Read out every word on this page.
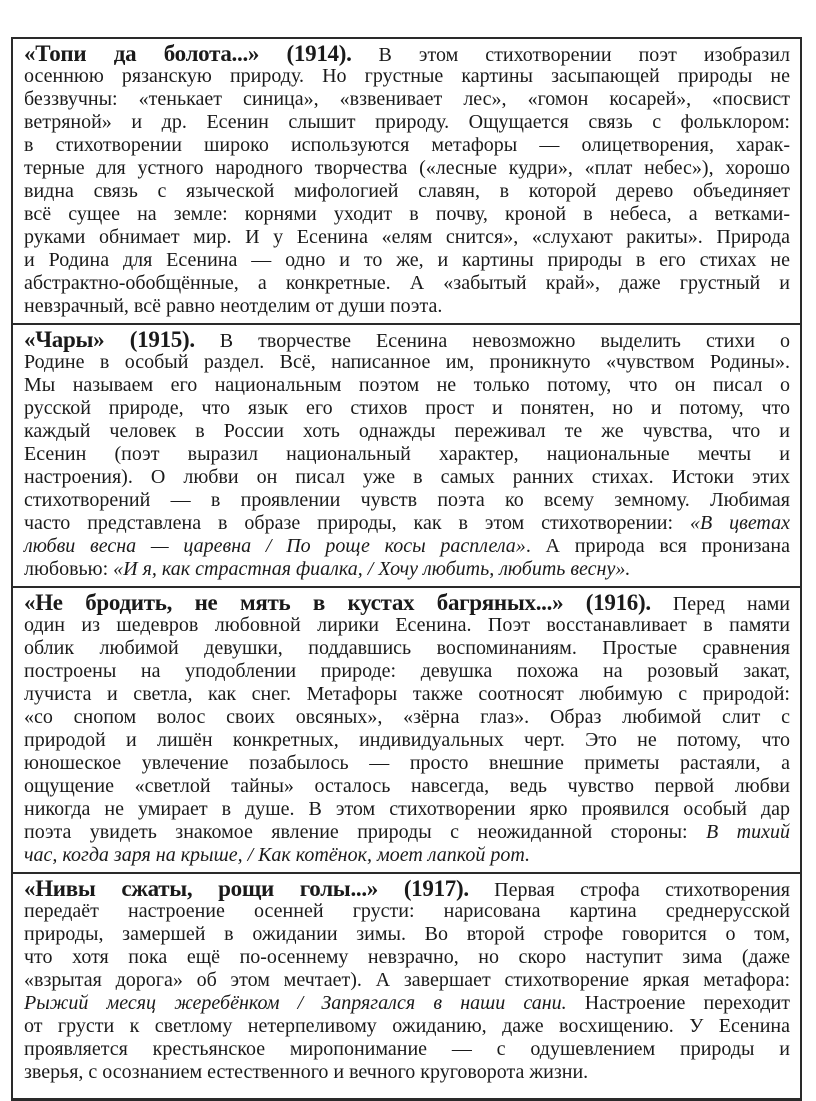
«Топи да болота...» (1914). В этом стихотворении поэт изобразил
осеннюю рязанскую природу. Но грустные картины засыпающей природы не
беззвучны: «тенькает синица», «взвенивает лес», «гомон косарей», «посвист
ветряной» и др. Есенин слышит природу. Ощущается связь с фольклором:
в стихотворении широко используются метафоры — олицетворения, харак-
терные для устного народного творчества («лесные кудри», «плат небес»), хорошо
видна связь с языческой мифологией славян, в которой дерево объединяет
всё сущее на земле: корнями уходит в почву, кроной в небеса, а ветками-
руками обнимает мир. И у Есенина «елям снится», «слухают ракиты». Природа
и Родина для Есенина — одно и то же, и картины природы в его стихах не
абстрактно-обобщённые, а конкретные. А «забытый край», даже грустный и
невзрачный, всё равно неотделим от души поэта.
«Чары» (1915). В творчестве Есенина невозможно выделить стихи о
Родине в особый раздел. Всё, написанное им, проникнуто «чувством Родины».
Мы называем его национальным поэтом не только потому, что он писал о
русской природе, что язык его стихов прост и понятен, но и потому, что
каждый человек в России хоть однажды переживал те же чувства, что и
Есенин (поэт выразил национальный характер, национальные мечты и
настроения). О любви он писал уже в самых ранних стихах. Истоки этих
стихотворений — в проявлении чувств поэта ко всему земному. Любимая
часто представлена в образе природы, как в этом стихотворении: «В цветах
любви весна — царевна / По роще косы расплела». А природа вся пронизана
любовью: «И я, как страстная фиалка, / Хочу любить, любить весну».
«Не бродить, не мять в кустах багряных...» (1916). Перед нами
один из шедевров любовной лирики Есенина. Поэт восстанавливает в памяти
облик любимой девушки, поддавшись воспоминаниям. Простые сравнения
построены на уподоблении природе: девушка похожа на розовый закат,
лучиста и светла, как снег. Метафоры также соотносят любимую с природой:
«со снопом волос своих овсяных», «зёрна глаз». Образ любимой слит с
природой и лишён конкретных, индивидуальных черт. Это не потому, что
юношеское увлечение позабылось — просто внешние приметы растаяли, а
ощущение «светлой тайны» осталось навсегда, ведь чувство первой любви
никогда не умирает в душе. В этом стихотворении ярко проявился особый дар
поэта увидеть знакомое явление природы с неожиданной стороны: В тихий
час, когда заря на крыше, / Как котёнок, моет лапкой рот.
«Нивы сжаты, рощи голы...» (1917). Первая строфа стихотворения
передаёт настроение осенней грусти: нарисована картина среднерусской
природы, замершей в ожидании зимы. Во второй строфе говорится о том,
что хотя пока ещё по-осеннему невзрачно, но скоро наступит зима (даже
«взрытая дорога» об этом мечтает). А завершает стихотворение яркая метафора:
Рыжий месяц жеребёнком / Запрягался в наши сани. Настроение переходит
от грусти к светлому нетерпеливому ожиданию, даже восхищению. У Есенина
проявляется крестьянское миропонимание — с одушевлением природы и
зверья, с осознанием естественного и вечного круговорота жизни.
